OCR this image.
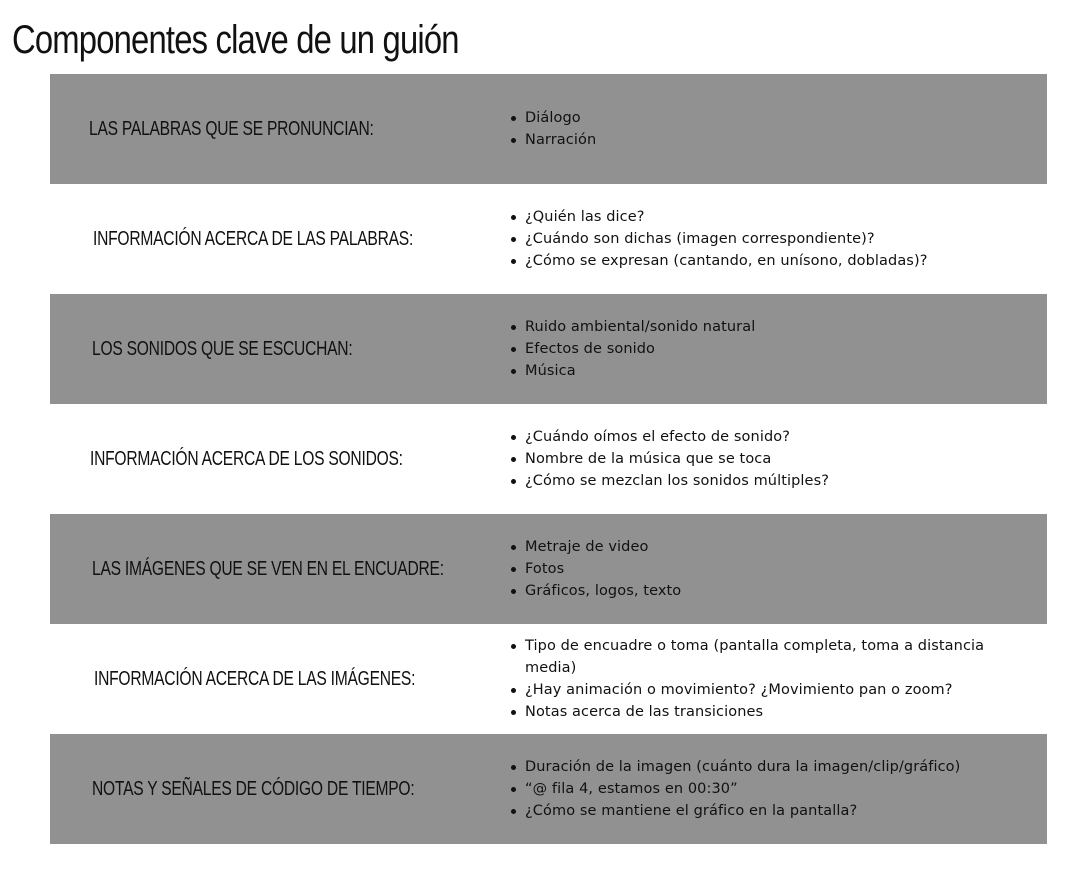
Componentes clave de un guión
LAS PALABRAS QUE SE PRONUNCIAN:	Diálogo
Narración
INFORMACIÓN ACERCA DE LAS PALABRAS:
¿Quién las dice?
¿Cuándo son dichas (imagen correspondiente)?
¿Cómo se expresan (cantando, en unísono, dobladas)?
LOS SONIDOS QUE SE ESCUCHAN:
Ruido ambiental/sonido natural
Efectos de sonido
Música
INFORMACIÓN ACERCA DE LOS SONIDOS:
¿Cuándo oímos el efecto de sonido?
Nombre de la música que se toca
¿Cómo se mezclan los sonidos múltiples?
LAS IMÁGENES QUE SE VEN EN EL ENCUADRE:
Metraje de video
Fotos
Gráficos, logos, texto
INFORMACIÓN ACERCA DE LAS IMÁGENES:
Tipo de encuadre o toma (pantalla completa, toma a distancia media)
¿Hay animación o movimiento? ¿Movimiento pan o zoom?
Notas acerca de las transiciones
NOTAS Y SEÑALES DE CÓDIGO DE TIEMPO:
Duración de la imagen (cuánto dura la imagen/clip/gráfico)
“@ fila 4, estamos en 00:30”
¿Cómo se mantiene el gráfico en la pantalla?
